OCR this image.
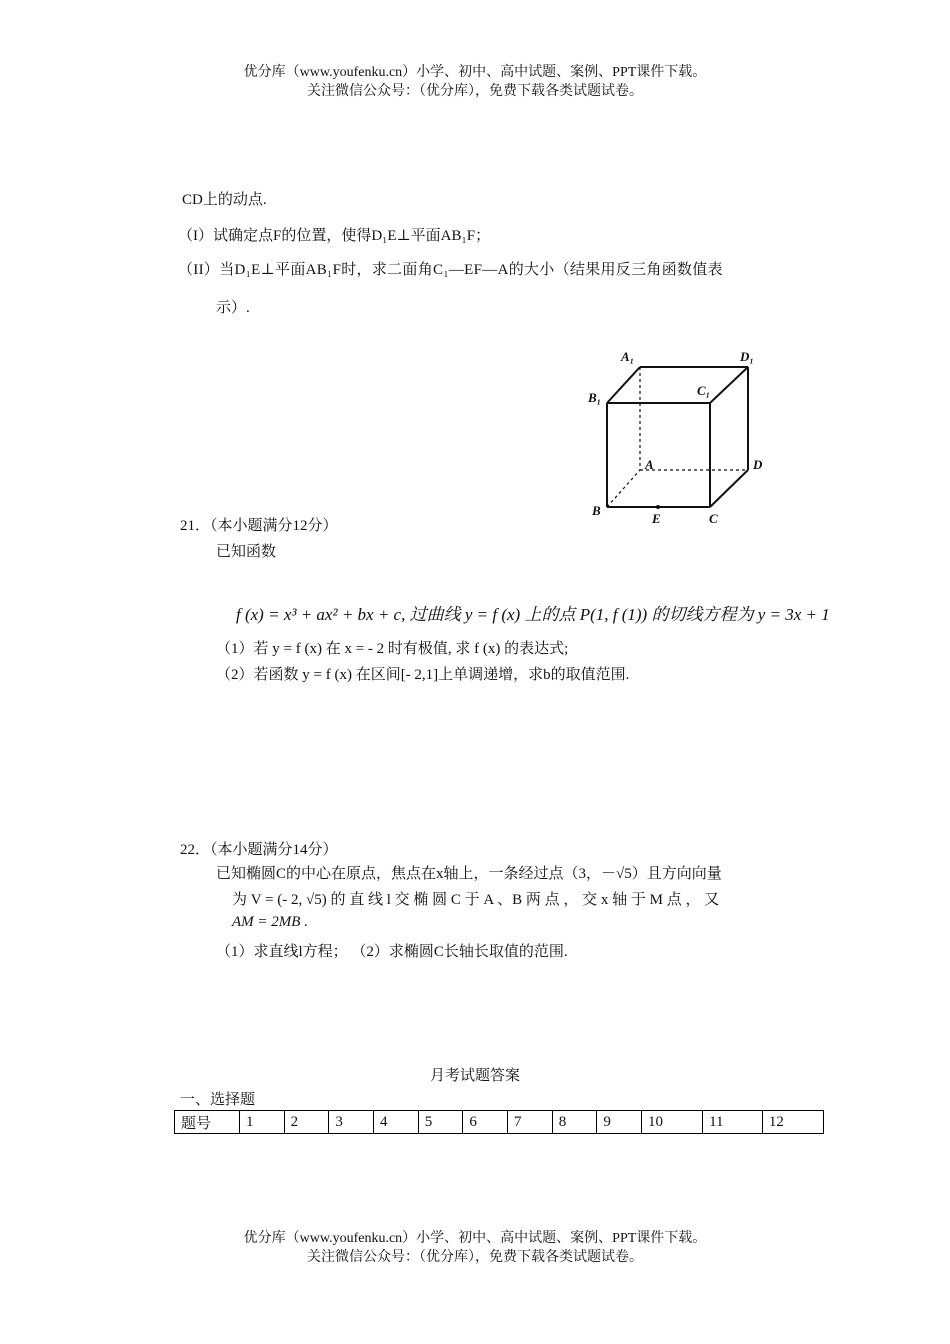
优分库（www.youfenku.cn）小学、初中、高中试题、案例、PPT课件下载。
关注微信公众号：（优分库），免费下载各类试题试卷。
CD上的动点.
（I）试确定点F的位置，使得D₁E⊥平面AB₁F；
（II）当D₁E⊥平面AB₁F时，求二面角C₁—EF—A的大小（结果用反三角函数值表
示）.
A₁	D₁
C₁
B₁
A	D
B
E	C
21．（本小题满分12分）
已知函数
f (x) = x³ + ax² + bx + c, 过曲线 y = f (x) 上的点 P(1, f (1)) 的切线方程为 y = 3x + 1
（1）若 y = f (x) 在 x = - 2 时有极值, 求 f (x) 的表达式;
（2）若函数 y = f (x) 在区间[- 2,1]上单调递增，求b的取值范围.
22．（本小题满分14分）
已知椭圆C的中心在原点，焦点在x轴上，一条经过点（3，－√5）且方向向量
为 V = (- 2, √5) 的 直 线 l 交 椭 圆 C 于 A 、B 两 点 ， 交 x 轴 于 M 点 ， 又
AM = 2MB .
（1）求直线l方程； （2）求椭圆C长轴长取值的范围.
月考试题答案
一、选择题
题号	1	2	3	4	5	6	7	8	9	10	11	12
优分库（www.youfenku.cn）小学、初中、高中试题、案例、PPT课件下载。
关注微信公众号：（优分库），免费下载各类试题试卷。
